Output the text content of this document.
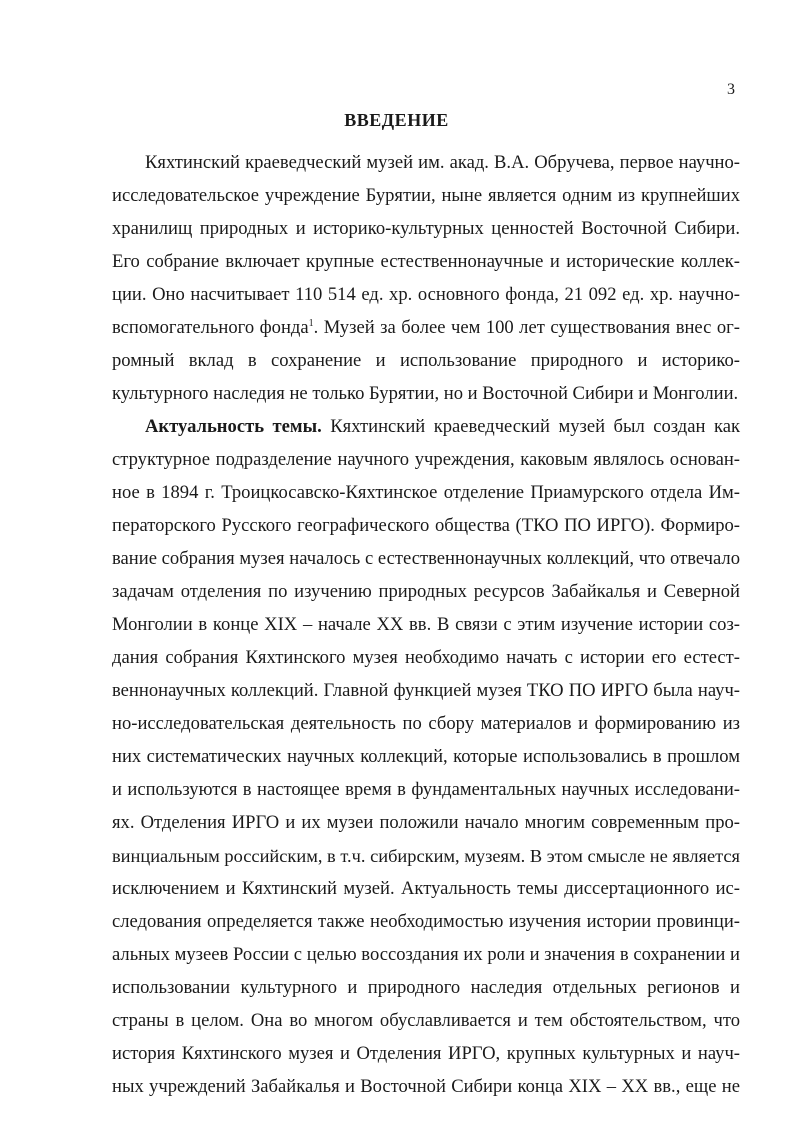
3
ВВЕДЕНИЕ
Кяхтинский краеведческий музей им. акад. В.А. Обручева, первое научно-
исследовательское учреждение Бурятии, ныне является одним из крупнейших
хранилищ природных и историко-культурных ценностей Восточной Сибири.
Его собрание включает крупные естественнонаучные и исторические коллек-
ции. Оно насчитывает 110 514 ед. хр. основного фонда, 21 092 ед. хр. научно-
вспомогательного фонда$^1$. Музей за более чем 100 лет существования внес ог-
ромный вклад в сохранение и использование природного и историко-
культурного наследия не только Бурятии, но и Восточной Сибири и Монголии.
Актуальность темы. Кяхтинский краеведческий музей был создан как
структурное подразделение научного учреждения, каковым являлось основан-
ное в 1894 г. Троицкосавско-Кяхтинское отделение Приамурского отдела Им-
ператорского Русского географического общества (ТКО ПО ИРГО). Формиро-
вание собрания музея началось с естественнонаучных коллекций, что отвечало
задачам отделения по изучению природных ресурсов Забайкалья и Северной
Монголии в конце XIX – начале XX вв. В связи с этим изучение истории соз-
дания собрания Кяхтинского музея необходимо начать с истории его естест-
веннонаучных коллекций. Главной функцией музея ТКО ПО ИРГО была науч-
но-исследовательская деятельность по сбору материалов и формированию из
них систематических научных коллекций, которые использовались в прошлом
и используются в настоящее время в фундаментальных научных исследовани-
ях. Отделения ИРГО и их музеи положили начало многим современным про-
винциальным российским, в т.ч. сибирским, музеям. В этом смысле не является
исключением и Кяхтинский музей. Актуальность темы диссертационного ис-
следования определяется также необходимостью изучения истории провинци-
альных музеев России с целью воссоздания их роли и значения в сохранении и
использовании культурного и природного наследия отдельных регионов и
страны в целом. Она во многом обуславливается и тем обстоятельством, что
история Кяхтинского музея и Отделения ИРГО, крупных культурных и науч-
ных учреждений Забайкалья и Восточной Сибири конца XIX – XX вв., еще не
